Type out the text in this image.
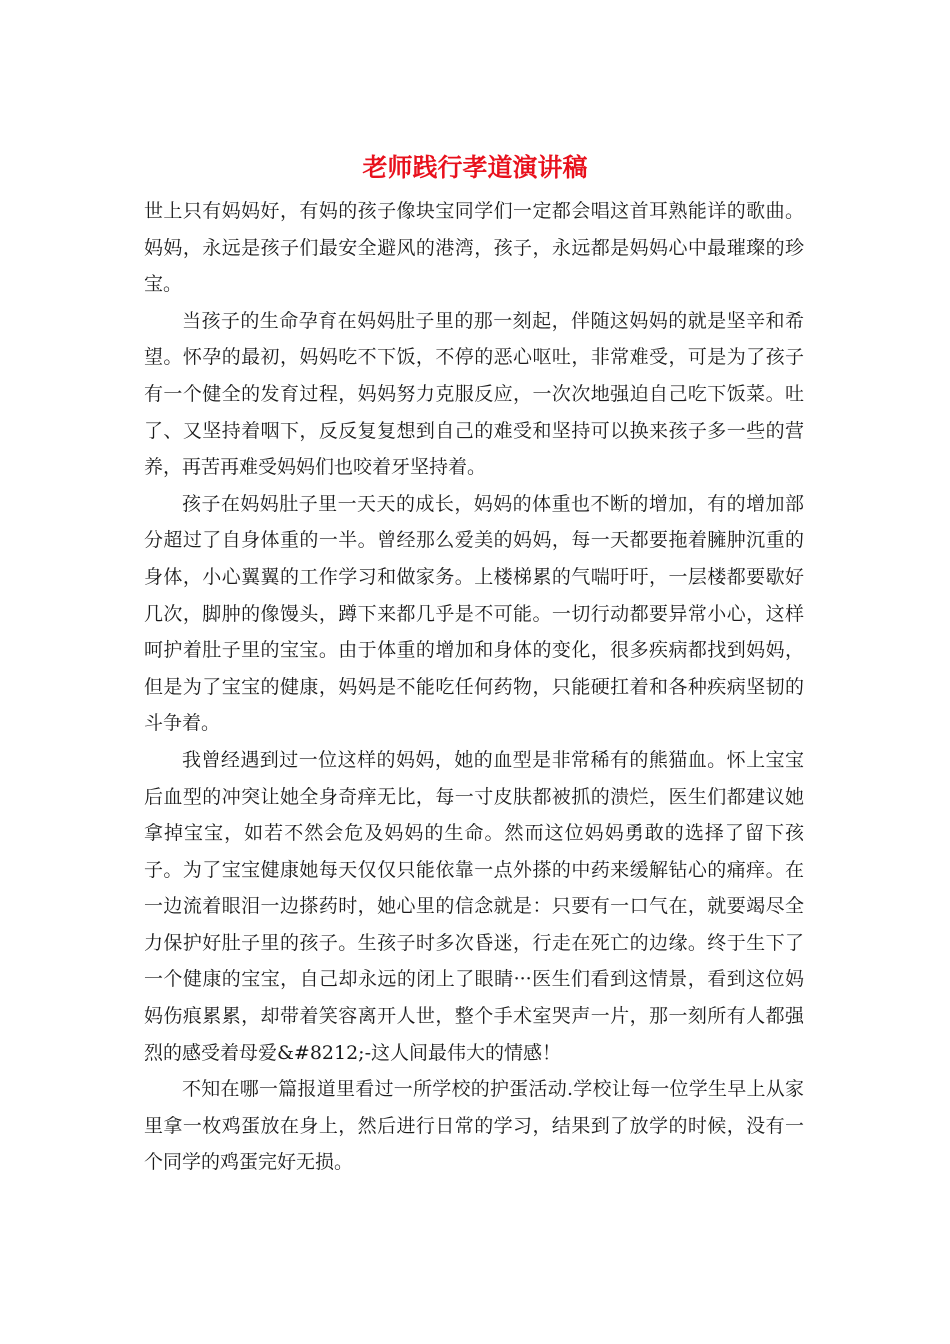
老师践行孝道演讲稿

世上只有妈妈好，有妈的孩子像块宝同学们一定都会唱这首耳熟能详的歌曲。妈妈，永远是孩子们最安全避风的港湾，孩子，永远都是妈妈心中最璀璨的珍宝。

当孩子的生命孕育在妈妈肚子里的那一刻起，伴随这妈妈的就是坚辛和希望。怀孕的最初，妈妈吃不下饭，不停的恶心呕吐，非常难受，可是为了孩子有一个健全的发育过程，妈妈努力克服反应，一次次地强迫自己吃下饭菜。吐了、又坚持着咽下，反反复复想到自己的难受和坚持可以换来孩子多一些的营养，再苦再难受妈妈们也咬着牙坚持着。

孩子在妈妈肚子里一天天的成长，妈妈的体重也不断的增加，有的增加部分超过了自身体重的一半。曾经那么爱美的妈妈，每一天都要拖着臃肿沉重的身体，小心翼翼的工作学习和做家务。上楼梯累的气喘吁吁，一层楼都要歇好几次，脚肿的像馒头，蹲下来都几乎是不可能。一切行动都要异常小心，这样呵护着肚子里的宝宝。由于体重的增加和身体的变化，很多疾病都找到妈妈，但是为了宝宝的健康，妈妈是不能吃任何药物，只能硬扛着和各种疾病坚韧的斗争着。

我曾经遇到过一位这样的妈妈，她的血型是非常稀有的熊猫血。怀上宝宝后血型的冲突让她全身奇痒无比，每一寸皮肤都被抓的溃烂，医生们都建议她拿掉宝宝，如若不然会危及妈妈的生命。然而这位妈妈勇敢的选择了留下孩子。为了宝宝健康她每天仅仅只能依靠一点外搽的中药来缓解钻心的痛痒。在一边流着眼泪一边搽药时，她心里的信念就是：只要有一口气在，就要竭尽全力保护好肚子里的孩子。生孩子时多次昏迷，行走在死亡的边缘。终于生下了一个健康的宝宝，自己却永远的闭上了眼睛···医生们看到这情景，看到这位妈妈伤痕累累，却带着笑容离开人世，整个手术室哭声一片，那一刻所有人都强烈的感受着母爱&#8212;-这人间最伟大的情感！

不知在哪一篇报道里看过一所学校的护蛋活动.学校让每一位学生早上从家里拿一枚鸡蛋放在身上，然后进行日常的学习，结果到了放学的时候，没有一个同学的鸡蛋完好无损。
